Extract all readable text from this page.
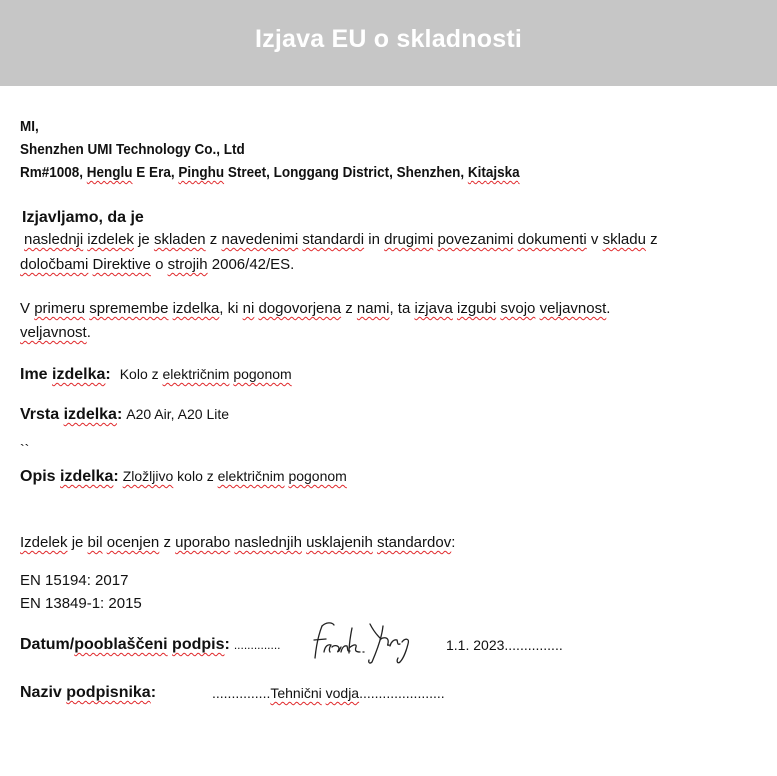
Izjava EU o skladnosti
MI,
Shenzhen UMI Technology Co., Ltd
Rm#1008, Henglu E Era, Pinghu Street, Longgang District, Shenzhen, Kitajska
Izjavljamo, da je
naslednji izdelek je skladen z navedenimi standardi in drugimi povezanimi dokumenti v skladu z
določbami Direktive o strojih 2006/42/ES.
V primeru spremembe izdelka, ki ni dogovorjena z nami, ta izjava izgubi svojo veljavnost.
veljavnost.
Ime izdelka: Kolo z električnim pogonom
Vrsta izdelka: A20 Air, A20 Lite
``
Opis izdelka: Zložljivo kolo z električnim pogonom
Izdelek je bil ocenjen z uporabo naslednjih usklajenih standardov:
EN 15194: 2017
EN 13849-1: 2015
Datum/pooblaščeni podpis: ..............	1.1. 2023...............
Naziv podpisnika:	...............Tehnični vodja......................
